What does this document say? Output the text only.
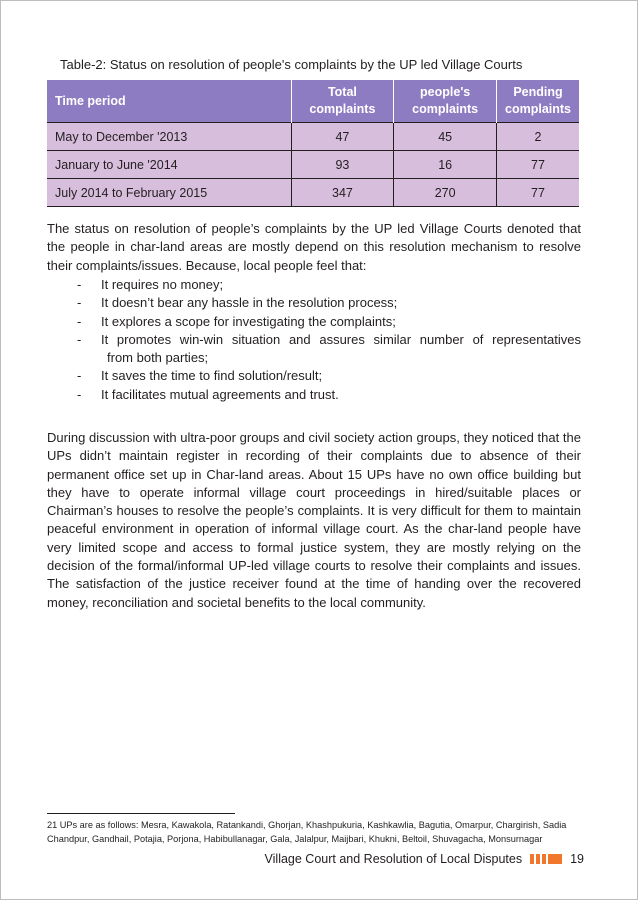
Table-2: Status on resolution of people's complaints by the UP led Village Courts
Time period	Total complaints	people's complaints	Pending complaints
May to December '2013	47	45	2
January to June '2014	93	16	77
July 2014 to February 2015	347	270	77

The status on resolution of people’s complaints by the UP led Village Courts denoted that the people in char-land areas are mostly depend on this resolution mechanism to resolve their complaints/issues. Because, local people feel that:

- It requires no money;
- It doesn’t bear any hassle in the resolution process;
- It explores a scope for investigating the complaints;
- It promotes win-win situation and assures similar number of representatives
from both parties;
- It saves the time to find solution/result;
- It facilitates mutual agreements and trust.

During discussion with ultra-poor groups and civil society action groups, they noticed that the UPs didn’t maintain register in recording of their complaints due to absence of their permanent office set up in Char-land areas. About 15 UPs have no own office building but they have to operate informal village court proceedings in hired/suitable places or Chairman’s houses to resolve the people’s complaints. It is very difficult for them to maintain peaceful environment in operation of informal village court. As the char-land people have very limited scope and access to formal justice system, they are mostly relying on the decision of the formal/informal UP-led village courts to resolve their complaints and issues. The satisfaction of the justice receiver found at the time of handing over the recovered money, reconciliation and societal benefits to the local community.

21 UPs are as follows: Mesra, Kawakola, Ratankandi, Ghorjan, Khashpukuria, Kashkawlia, Bagutia, Omarpur, Chargirish, Sadia Chandpur, Gandhail, Potajia, Porjona, Habibullanagar, Gala, Jalalpur, Maijbari, Khukni, Beltoil, Shuvagacha, Monsurnagar
Village Court and Resolution of Local Disputes	19
